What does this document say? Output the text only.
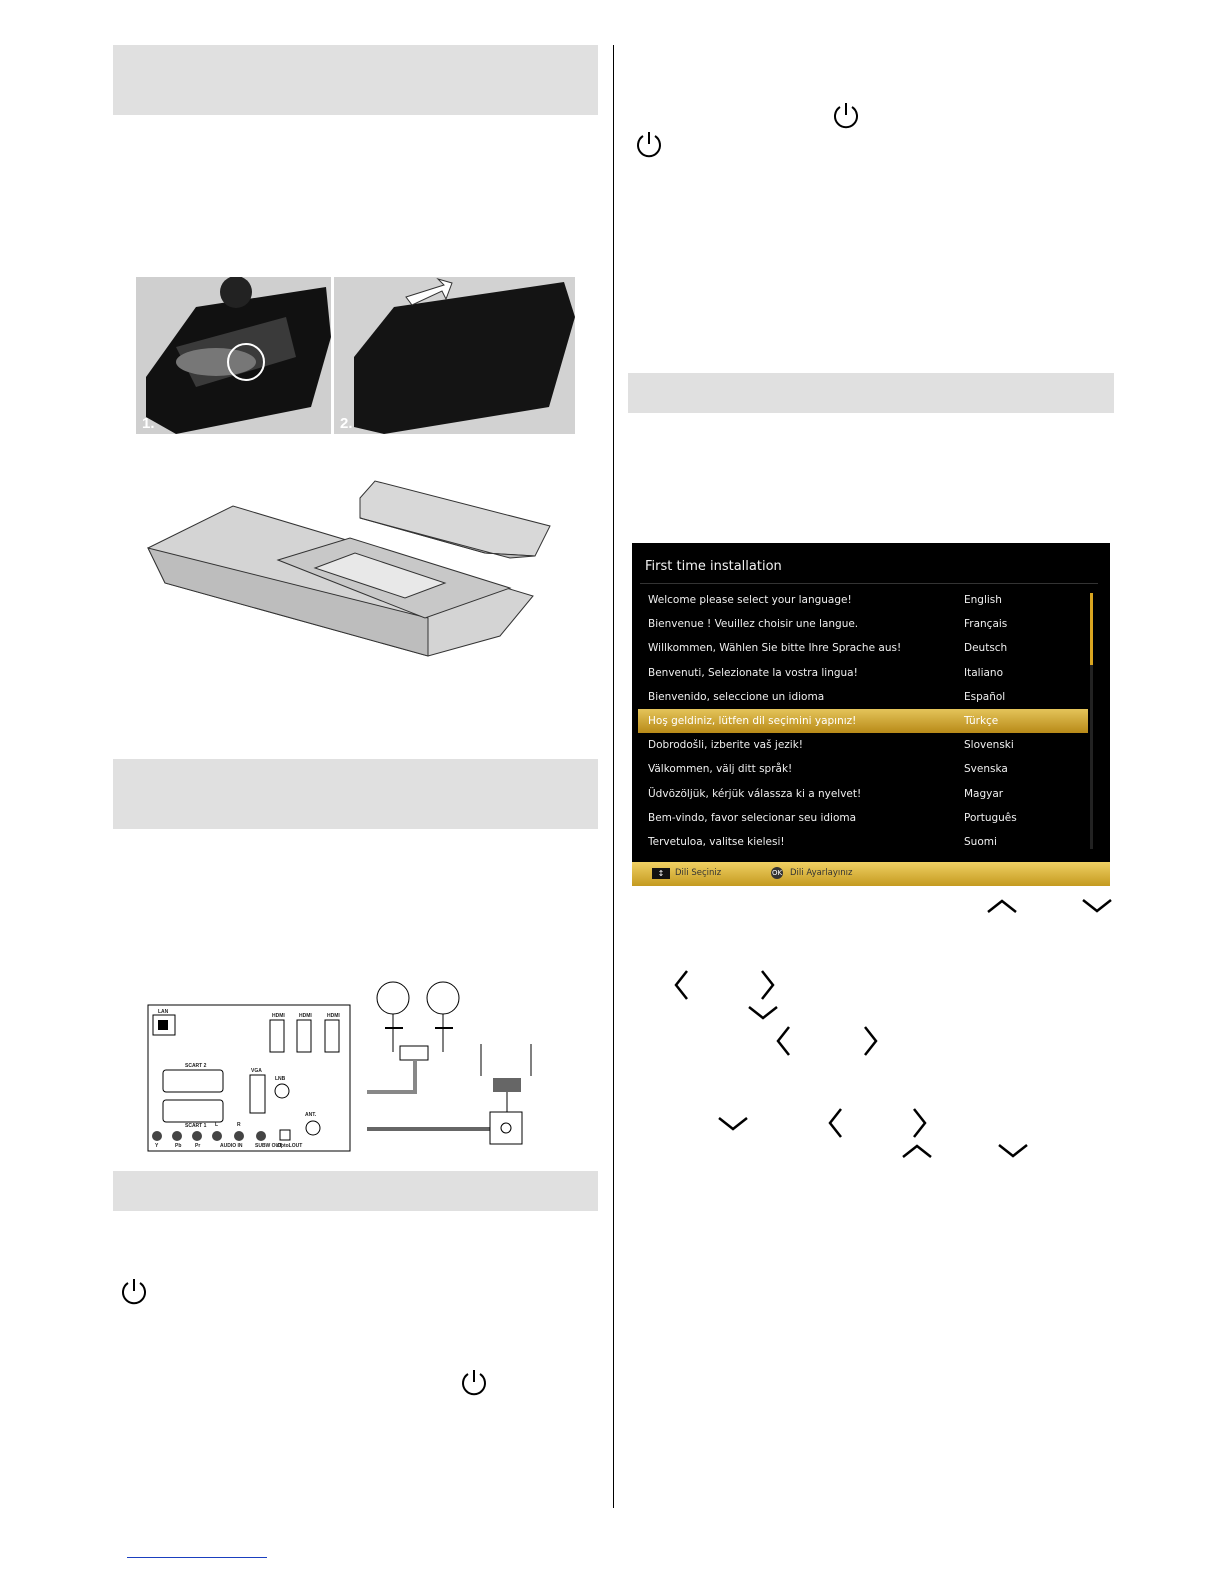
1.	2.
LAN
HDMI	HDMI	HDMI
SCART 2
SCART 1
VGA
LNB
ANT.
AUDIO IN	SUBW OUT
OptoLOUT
Y	Pb	Pr
L	R
First time installation
Welcome please select your language!	English
Bienvenue ! Veuillez choisir une langue.	Français
Willkommen, Wählen Sie bitte Ihre Sprache aus!	Deutsch
Benvenuti, Selezionate la vostra lingua!	Italiano
Bienvenido, seleccione un idioma	Español
Hoş geldiniz, lütfen dil seçimini yapınız!	Türkçe
Dobrodošli, izberite vaš jezik!	Slovenski
Välkommen, välj ditt språk!	Svenska
Üdvözöljük, kérjük válassza ki a nyelvet!	Magyar
Bem-vindo, favor selecionar seu idioma	Português
Tervetuloa, valitse kielesi!	Suomi
↕	Dili Seçiniz	OK Dili Ayarlayınız
